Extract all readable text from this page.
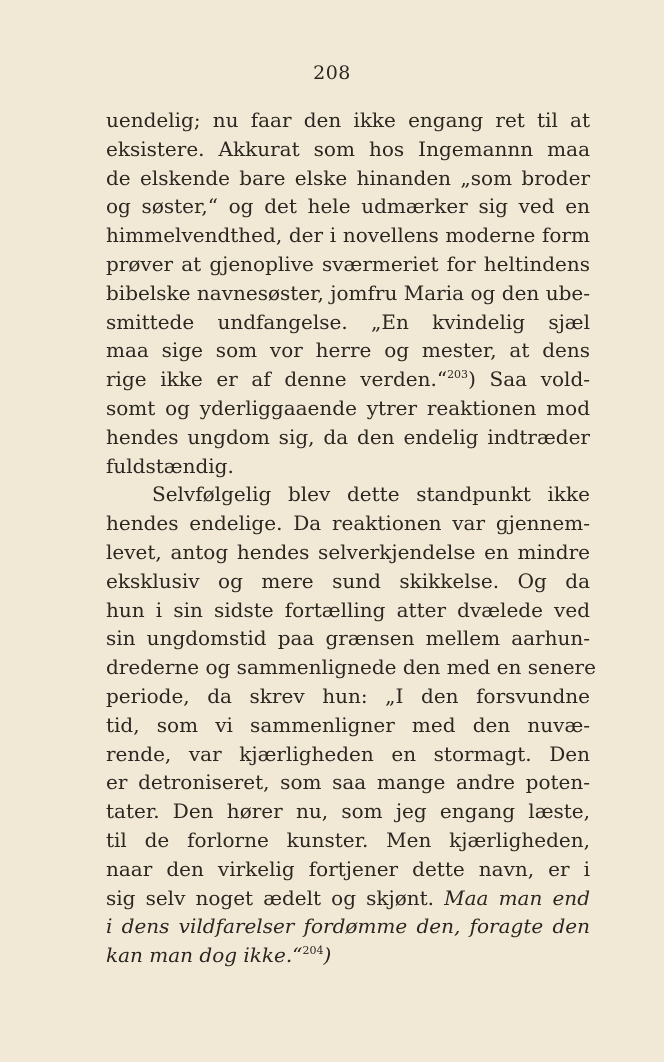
208
uendelig; nu faar den ikke engang ret til at
eksistere. Akkurat som hos Ingemannn maa
de elskende bare elske hinanden „som broder
og søster,“ og det hele udmærker sig ved en
himmelvendthed, der i novellens moderne form
prøver at gjenoplive sværmeriet for heltindens
bibelske navnesøster, jomfru Maria og den ube-
smittede undfangelse. „En kvindelig sjæl
maa sige som vor herre og mester, at dens
rige ikke er af denne verden.“$^{203}$) Saa vold-
somt og yderliggaaende ytrer reaktionen mod
hendes ungdom sig, da den endelig indtræder
fuldstændig.
Selvfølgelig blev dette standpunkt ikke
hendes endelige. Da reaktionen var gjennem-
levet, antog hendes selverkjendelse en mindre
eksklusiv og mere sund skikkelse. Og da
hun i sin sidste fortælling atter dvælede ved
sin ungdomstid paa grænsen mellem aarhun-
drederne og sammenlignede den med en senere
periode, da skrev hun: „I den forsvundne
tid, som vi sammenligner med den nuvæ-
rende, var kjærligheden en stormagt. Den
er detroniseret, som saa mange andre poten-
tater. Den hører nu, som jeg engang læste,
til de forlorne kunster. Men kjærligheden,
naar den virkelig fortjener dette navn, er i
sig selv noget ædelt og skjønt. Maa man end
i dens vildfarelser fordømme den, foragte den
kan man dog ikke.“$^{204}$)
